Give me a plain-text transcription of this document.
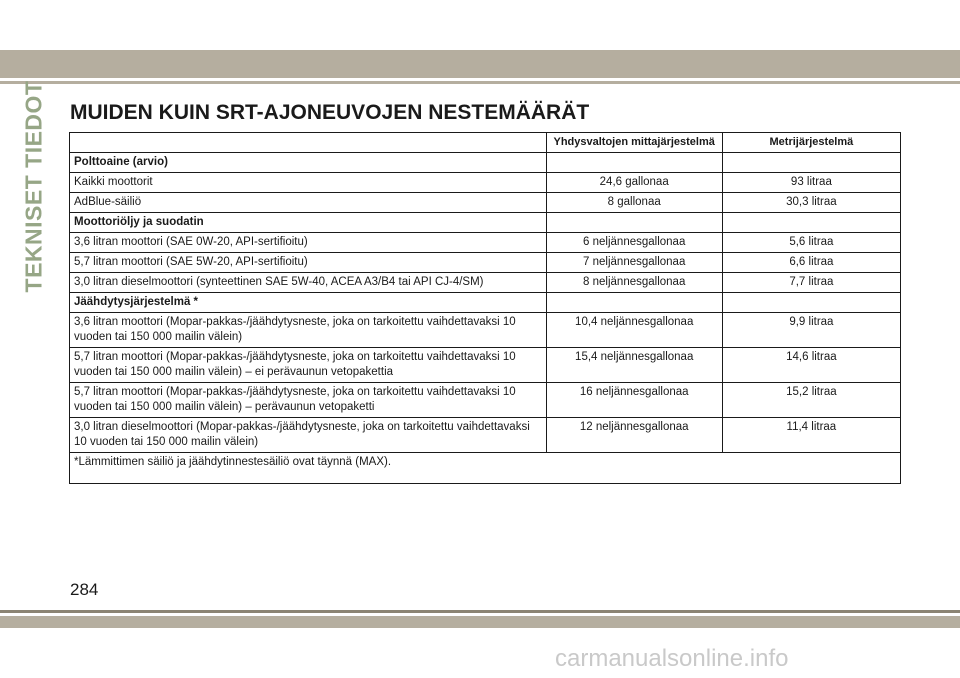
TEKNISET TIEDOT MUIDEN KUIN SRT-AJONEUVOJEN NESTEMÄÄRÄT
	Yhdysvaltojen mittajärjestelmä	Metrijärjestelmä
Polttoaine (arvio)		
Kaikki moottorit	24,6 gallonaa	93 litraa
AdBlue-säiliö	8 gallonaa	30,3 litraa
Moottoriöljy ja suodatin		
3,6 litran moottori (SAE 0W-20, API-sertifioitu)	6 neljännesgallonaa	5,6 litraa
5,7 litran moottori (SAE 5W-20, API-sertifioitu)	7 neljännesgallonaa	6,6 litraa
3,0 litran dieselmoottori (synteettinen SAE 5W-40, ACEA A3/B4 tai API CJ-4/SM)	8 neljännesgallonaa	7,7 litraa
Jäähdytysjärjestelmä *		
3,6 litran moottori (Mopar-pakkas-/jäähdytysneste, joka on tarkoitettu vaihdettavaksi 10 vuoden tai 150 000 mailin välein)	10,4 neljännesgallonaa	9,9 litraa
5,7 litran moottori (Mopar-pakkas-/jäähdytysneste, joka on tarkoitettu vaihdettavaksi 10 vuoden tai 150 000 mailin välein) – ei perävaunun vetopakettia	15,4 neljännesgallonaa	14,6 litraa
5,7 litran moottori (Mopar-pakkas-/jäähdytysneste, joka on tarkoitettu vaihdettavaksi 10 vuoden tai 150 000 mailin välein) – perävaunun vetopaketti	16 neljännesgallonaa	15,2 litraa
3,0 litran dieselmoottori (Mopar-pakkas-/jäähdytysneste, joka on tarkoitettu vaihdettavaksi 10 vuoden tai 150 000 mailin välein)	12 neljännesgallonaa	11,4 litraa
*Lämmittimen säiliö ja jäähdytinnestesäiliö ovat täynnä (MAX).		
284
carmanualsonline.info
